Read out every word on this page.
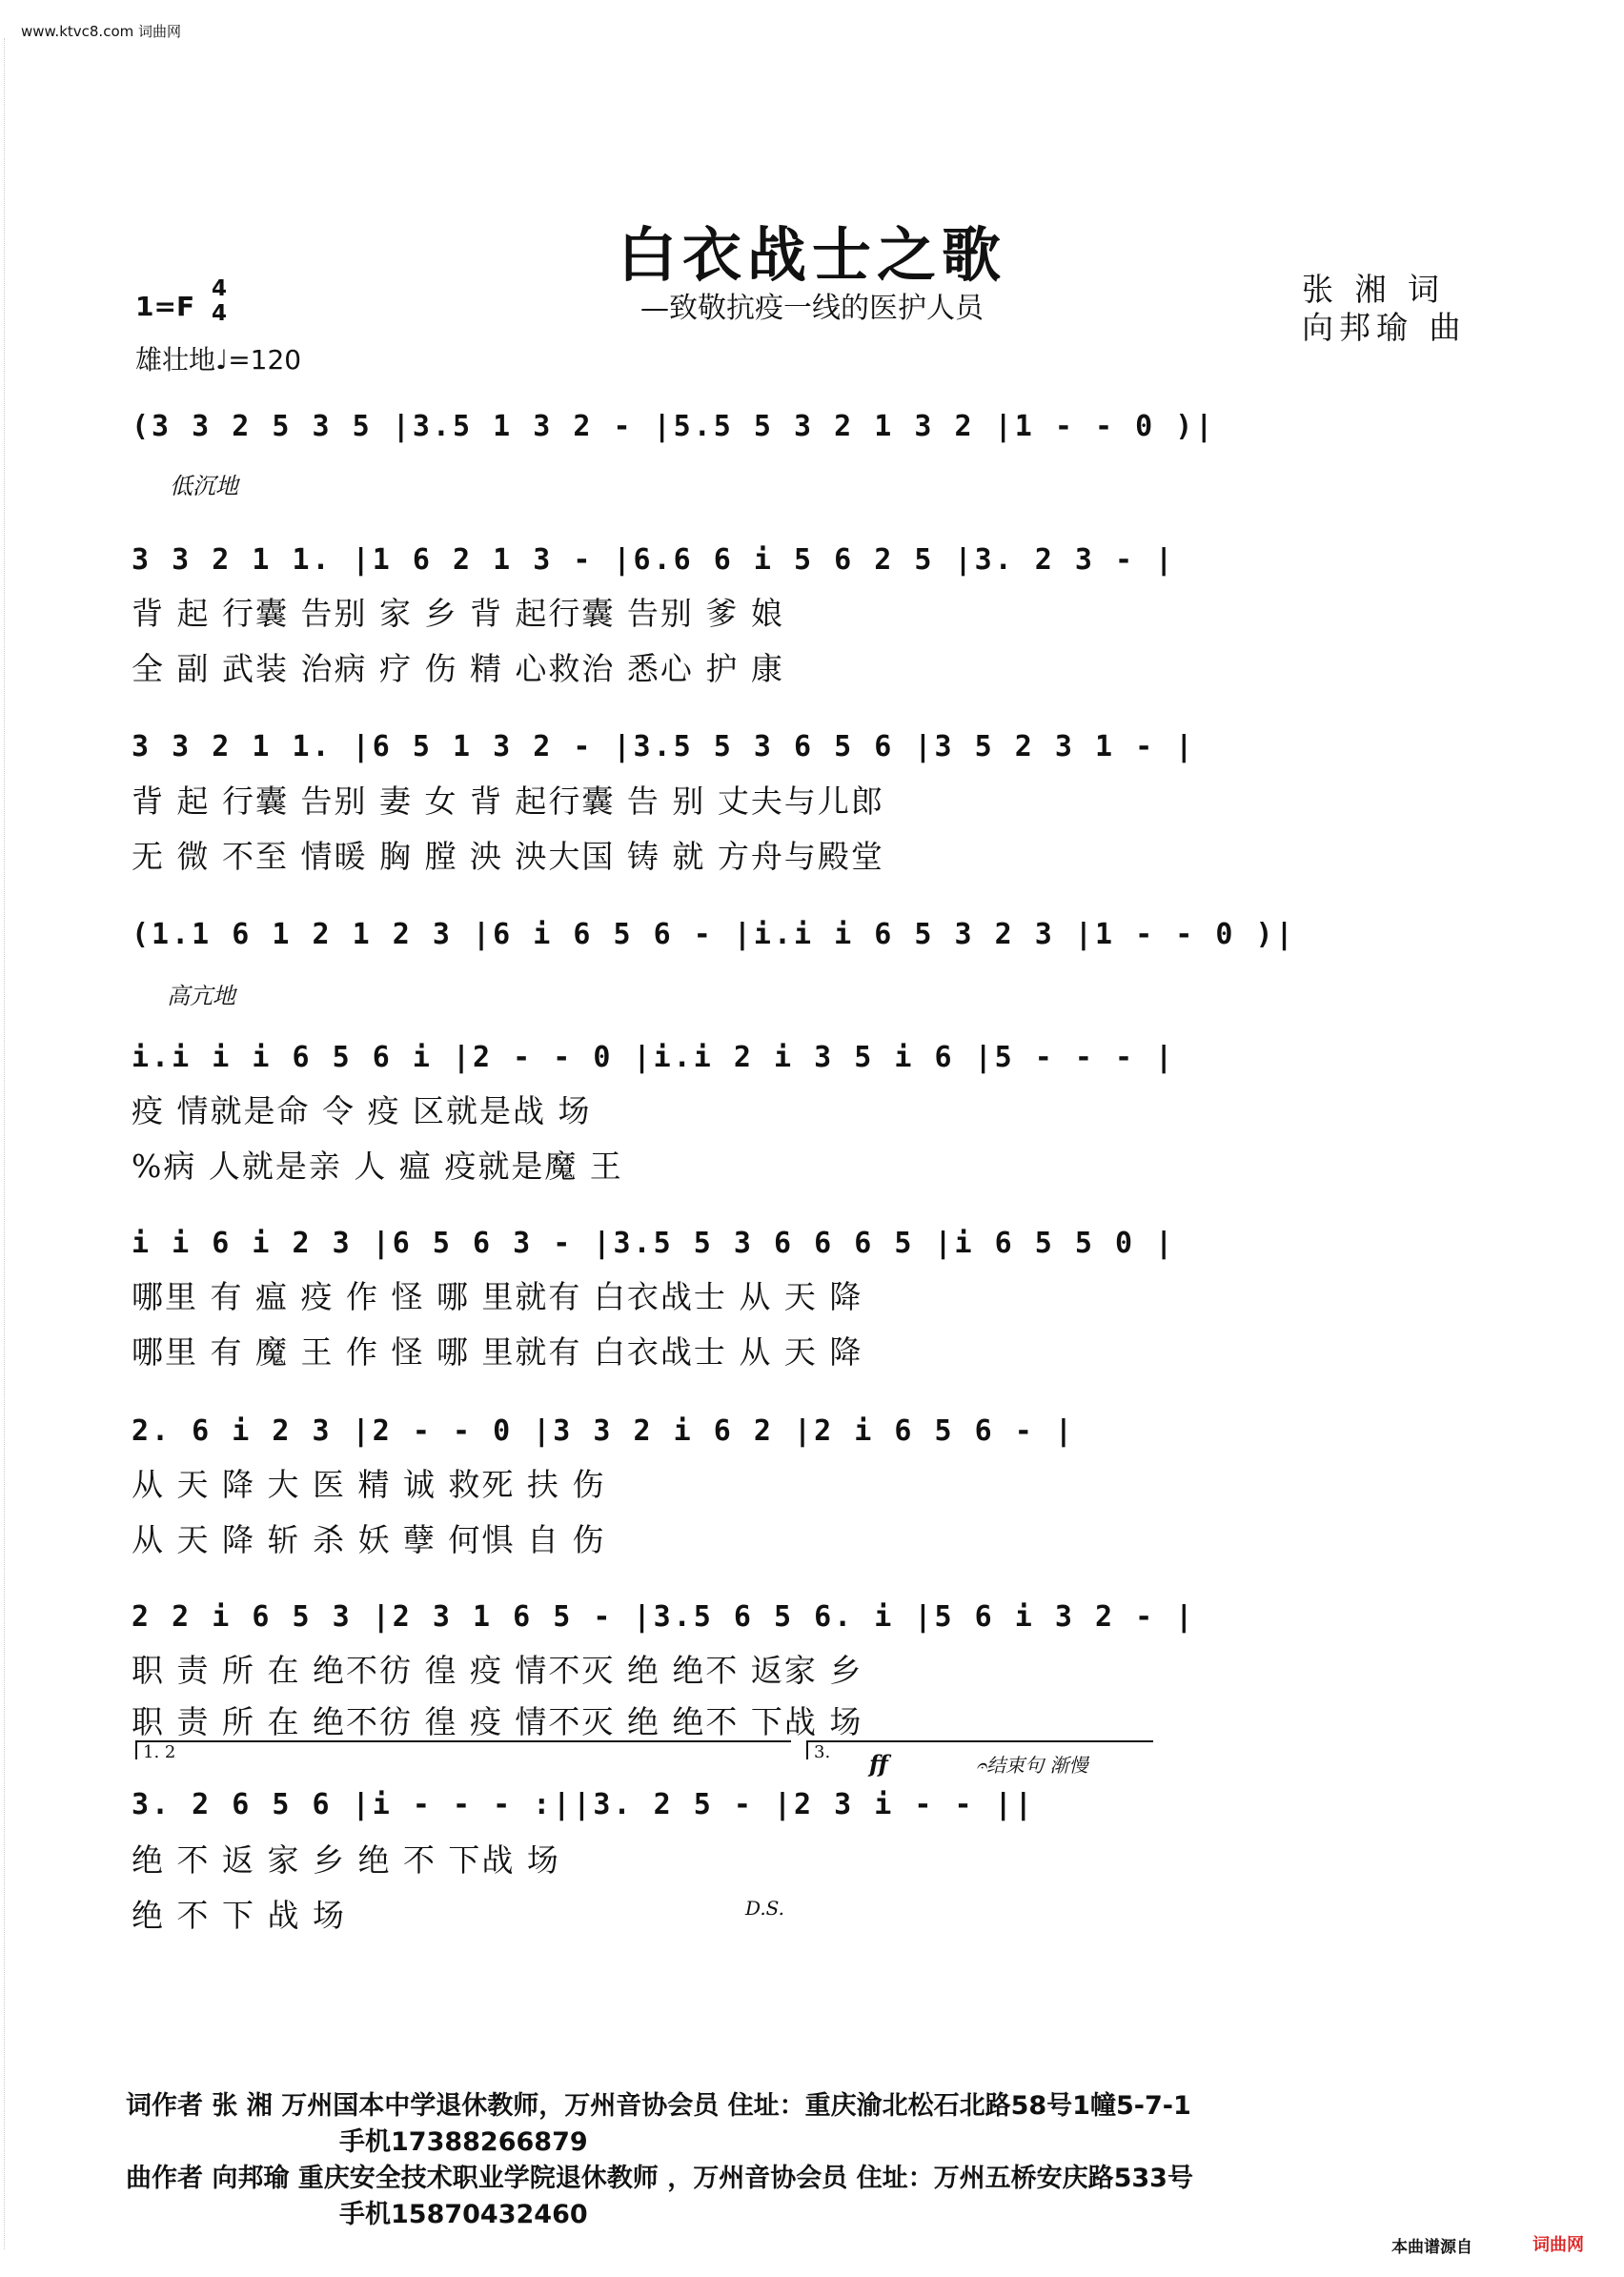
www.ktvc8.com 词曲网
白衣战士之歌
—致敬抗疫一线的医护人员
张 湘 词
向邦瑜 曲
1=F
4
4
雄壮地♩=120
(3 3 2 5 3 5 |3.5 1 3 2 - |5.5 5 3 2 1 3 2 |1 - - 0 )|
低沉地
3 3 2 1 1. |1 6 2 1 3 - |6.6 6 i 5 6 2 5 |3. 2 3 - |
背 起 行囊 告别 家 乡 背 起行囊 告别 爹 娘
全 副 武装 治病 疗 伤 精 心救治 悉心 护 康
3 3 2 1 1. |6 5 1 3 2 - |3.5 5 3 6 5 6 |3 5 2 3 1 - |
背 起 行囊 告别 妻 女 背 起行囊 告 别 丈夫与儿郎
无 微 不至 情暖 胸 膛 泱 泱大国 铸 就 方舟与殿堂
(1.1 6 1 2 1 2 3 |6 i 6 5 6 - |i.i i 6 5 3 2 3 |1 - - 0 )|
高亢地
i.i i i 6 5 6 i |2 - - 0 |i.i 2 i 3 5 i 6 |5 - - - |
疫 情就是命 令 疫 区就是战 场
%病 人就是亲 人 瘟 疫就是魔 王
i i 6 i 2 3 |6 5 6 3 - |3.5 5 3 6 6 6 5 |i 6 5 5 0 |
哪里 有 瘟 疫 作 怪 哪 里就有 白衣战士 从 天 降
哪里 有 魔 王 作 怪 哪 里就有 白衣战士 从 天 降
2. 6 i 2 3 |2 - - 0 |3 3 2 i 6 2 |2 i 6 5 6 - |
从 天 降 大 医 精 诚 救死 扶 伤
从 天 降 斩 杀 妖 孽 何惧 自 伤
2 2 i 6 5 3 |2 3 1 6 5 - |3.5 6 5 6. i |5 6 i 3 2 - |
职 责 所 在 绝不彷 徨 疫 情不灭 绝 绝不 返家 乡
职 责 所 在 绝不彷 徨 疫 情不灭 绝 绝不 下战 场
1. 2	3.	ff	𝄐结束句 渐慢
3. 2 6 5 6 |i - - - :||3. 2 5 - |2 3 i - - ||
绝 不 返 家 乡 绝 不 下战 场
绝 不 下 战 场	D.S.
词作者 张 湘 万州国本中学退休教师，万州音协会员 住址：重庆渝北松石北路58号1幢5-7-1
手机17388266879
曲作者 向邦瑜 重庆安全技术职业学院退休教师 ，万州音协会员 住址：万州五桥安庆路533号
手机15870432460
本曲谱源自	词曲网
